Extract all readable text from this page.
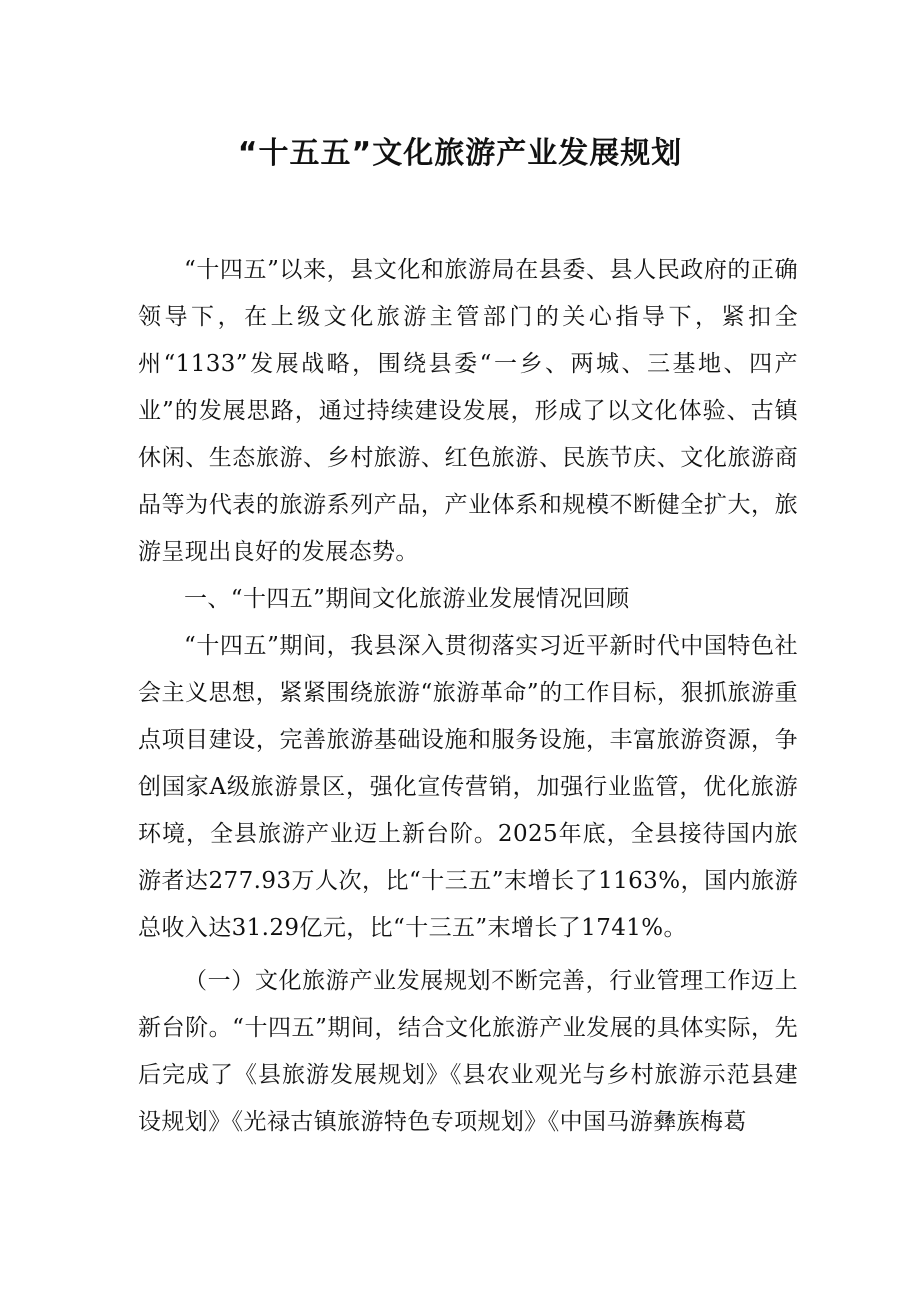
“十五五”文化旅游产业发展规划

“十四五”以来，县文化和旅游局在县委、县人民政府的正确领导下，在上级文化旅游主管部门的关心指导下，紧扣全州“1133”发展战略，围绕县委“一乡、两城、三基地、四产业”的发展思路，通过持续建设发展，形成了以文化体验、古镇休闲、生态旅游、乡村旅游、红色旅游、民族节庆、文化旅游商品等为代表的旅游系列产品，产业体系和规模不断健全扩大，旅游呈现出良好的发展态势。

一、“十四五”期间文化旅游业发展情况回顾

“十四五”期间，我县深入贯彻落实习近平新时代中国特色社会主义思想，紧紧围绕旅游“旅游革命”的工作目标，狠抓旅游重点项目建设，完善旅游基础设施和服务设施，丰富旅游资源，争创国家A级旅游景区，强化宣传营销，加强行业监管，优化旅游环境，全县旅游产业迈上新台阶。2025年底，全县接待国内旅游者达277.93万人次，比“十三五”末增长了1163%，国内旅游总收入达31.29亿元，比“十三五”末增长了1741%。

（一）文化旅游产业发展规划不断完善，行业管理工作迈上新台阶。“十四五”期间，结合文化旅游产业发展的具体实际，先后完成了《县旅游发展规划》《县农业观光与乡村旅游示范县建设规划》《光禄古镇旅游特色专项规划》《中国马游彝族梅葛
